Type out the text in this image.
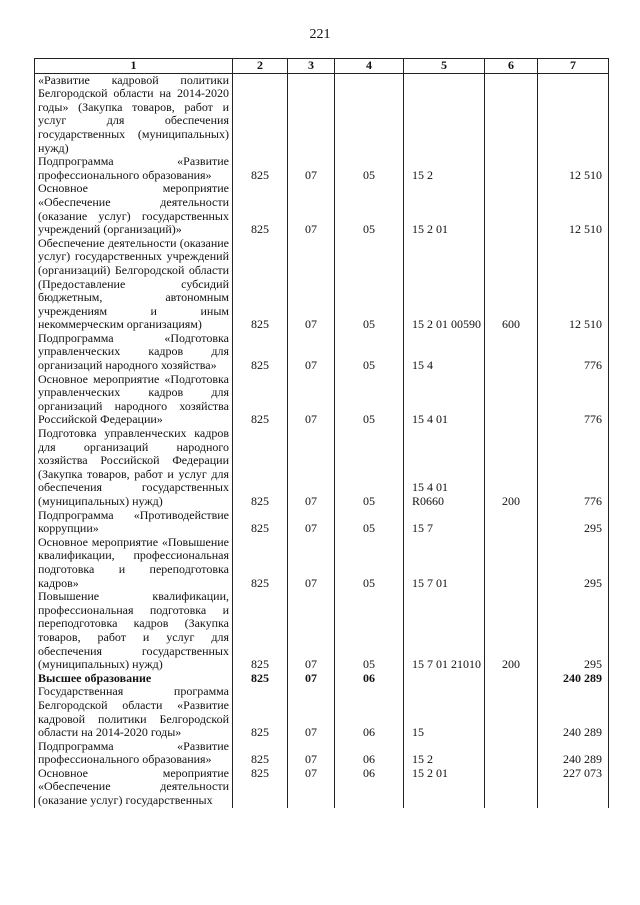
221
1	2	3	4	5	6	7
«Развитие кадровой политики Белгородской области на 2014-2020 годы» (Закупка товаров, работ и услуг для обеспечения государственных (муниципальных) нужд)						
Подпрограмма «Развитие профессионального образования»	825	07	05	15 2		12 510
Основное мероприятие «Обеспечение деятельности (оказание услуг) государственных учреждений (организаций)»	825	07	05	15 2 01		12 510
Обеспечение деятельности (оказание услуг) государственных учреждений (организаций) Белгородской области (Предоставление субсидий бюджетным, автономным учреждениям и иным некоммерческим организациям)	825	07	05	15 2 01 00590	600	12 510
Подпрограмма «Подготовка управленческих кадров для организаций народного хозяйства»	825	07	05	15 4		776
Основное мероприятие «Подготовка управленческих кадров для организаций народного хозяйства Российской Федерации»	825	07	05	15 4 01		776
Подготовка управленческих кадров для организаций народного хозяйства Российской Федерации (Закупка товаров, работ и услуг для обеспечения государственных (муниципальных) нужд)	825	07	05	15 4 01 R0660	200	776
Подпрограмма «Противодействие коррупции»	825	07	05	15 7		295
Основное мероприятие «Повышение квалификации, профессиональная подготовка и переподготовка кадров»	825	07	05	15 7 01		295
Повышение квалификации, профессиональная подготовка и переподготовка кадров (Закупка товаров, работ и услуг для обеспечения государственных (муниципальных) нужд)	825	07	05	15 7 01 21010	200	295
Высшее образование	825	07	06			240 289
Государственная программа Белгородской области «Развитие кадровой политики Белгородской области на 2014-2020 годы»	825	07	06	15		240 289
Подпрограмма «Развитие профессионального образования»	825	07	06	15 2		240 289
Основное мероприятие «Обеспечение деятельности (оказание услуг) государственных	825	07	06	15 2 01		227 073
